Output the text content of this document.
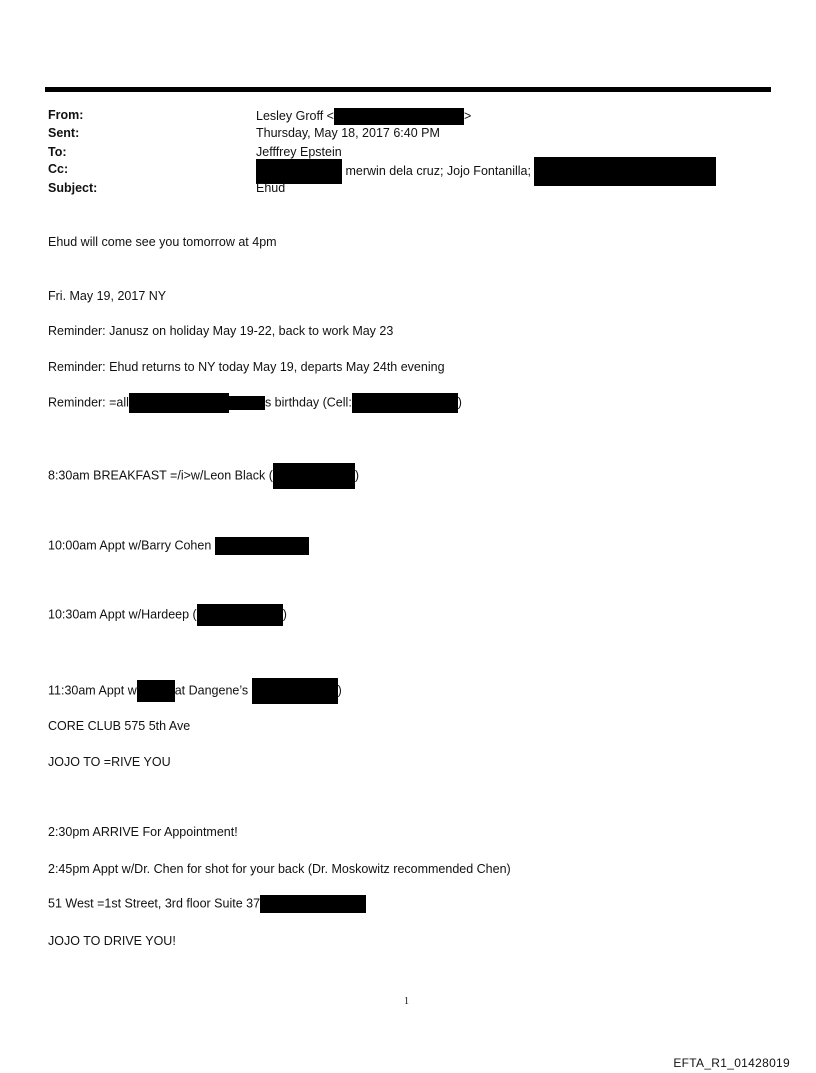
From:	Lesley Groff <	>
Sent:	Thursday, May 18, 2017 6:40 PM
To:	Jefffrey Epstein
Cc:	merwin dela cruz; Jojo Fontanilla;
Subject:	Ehud
Ehud will come see you tomorrow at 4pm
Fri. May 19, 2017 NY
Reminder: Janusz on holiday May 19-22, back to work May 23
Reminder: Ehud returns to NY today May 19, departs May 24th evening
Reminder: =all	s birthday (Cell:	)
8:30am BREAKFAST =/i>w/Leon Black (	)
10:00am Appt w/Barry Cohen
10:30am Appt w/Hardeep (	)
11:30am Appt w	at Dangene’s	)
CORE CLUB 575 5th Ave
JOJO TO =RIVE YOU
2:30pm ARRIVE For Appointment!
2:45pm Appt w/Dr. Chen for shot for your back (Dr. Moskowitz recommended Chen)
51 West =1st Street, 3rd floor Suite 37
JOJO TO DRIVE YOU!
1
EFTA_R1_01428019
